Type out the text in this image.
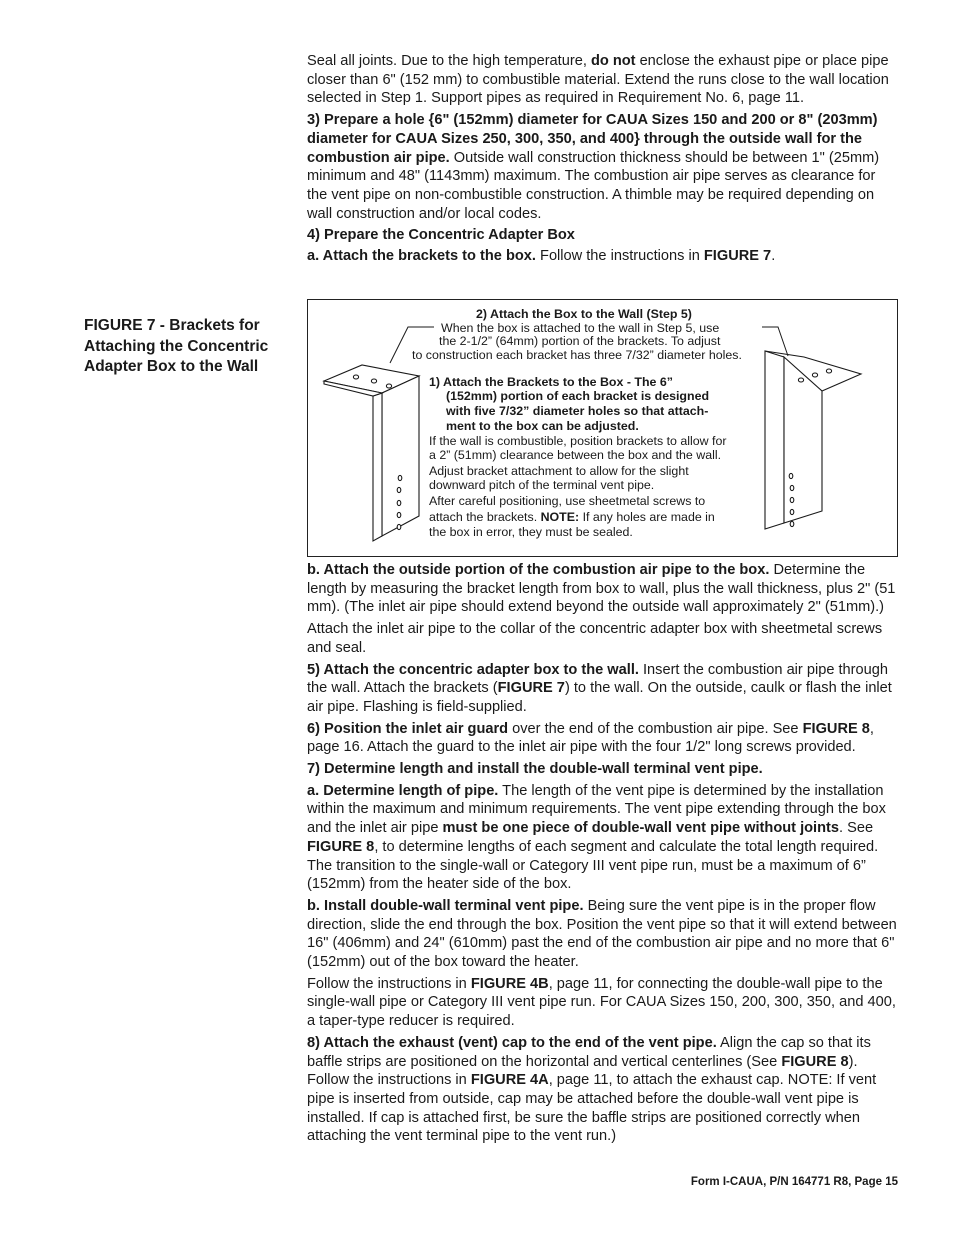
Seal all joints. Due to the high temperature, do not enclose the exhaust pipe or place pipe closer than 6" (152 mm) to combustible material. Extend the runs close to the wall location selected in Step 1. Support pipes as required in Requirement No. 6, page 11.

3) Prepare a hole {6" (152mm) diameter for CAUA Sizes 150 and 200 or 8" (203mm) diameter for CAUA Sizes 250, 300, 350, and 400} through the outside wall for the combustion air pipe. Outside wall construction thickness should be between 1" (25mm) minimum and 48" (1143mm) maximum. The combustion air pipe serves as clearance for the vent pipe on non-combustible construction. A thimble may be required depending on wall construction and/or local codes.

4) Prepare the Concentric Adapter Box

a. Attach the brackets to the box. Follow the instructions in FIGURE 7.

FIGURE 7 - Brackets for Attaching the Concentric Adapter Box to the Wall
2) Attach the Box to the Wall (Step 5)
When the box is attached to the wall in Step 5, use
the 2-1/2” (64mm) portion of the brackets. To adjust
to construction each bracket has three 7/32” diameter holes.
1) Attach the Brackets to the Box - The 6”
(152mm) portion of each bracket is designed
with five 7/32” diameter holes so that attach-
ment to the box can be adjusted.
If the wall is combustible, position brackets to allow for
a 2” (51mm) clearance between the box and the wall.
Adjust bracket attachment to allow for the slight
downward pitch of the terminal vent pipe.
After careful positioning, use sheetmetal screws to
attach the brackets. NOTE: If any holes are made in
the box in error, they must be sealed.

b. Attach the outside portion of the combustion air pipe to the box. Determine the length by measuring the bracket length from box to wall, plus the wall thickness, plus 2" (51 mm). (The inlet air pipe should extend beyond the outside wall approximately 2" (51mm).)

Attach the inlet air pipe to the collar of the concentric adapter box with sheetmetal screws and seal.

5) Attach the concentric adapter box to the wall. Insert the combustion air pipe through the wall. Attach the brackets (FIGURE 7) to the wall. On the outside, caulk or flash the inlet air pipe. Flashing is field-supplied.

6) Position the inlet air guard over the end of the combustion air pipe. See FIGURE 8, page 16. Attach the guard to the inlet air pipe with the four 1/2" long screws provided.

7) Determine length and install the double-wall terminal vent pipe.

a. Determine length of pipe. The length of the vent pipe is determined by the installation within the maximum and minimum requirements. The vent pipe extending through the box and the inlet air pipe must be one piece of double-wall vent pipe without joints. See FIGURE 8, to determine lengths of each segment and calculate the total length required. The transition to the single-wall or Category III vent pipe run, must be a maximum of 6” (152mm) from the heater side of the box.

b. Install double-wall terminal vent pipe. Being sure the vent pipe is in the proper flow direction, slide the end through the box. Position the vent pipe so that it will extend between 16" (406mm) and 24" (610mm) past the end of the combustion air pipe and no more that 6" (152mm) out of the box toward the heater.

Follow the instructions in FIGURE 4B, page 11, for connecting the double-wall pipe to the single-wall pipe or Category III vent pipe run. For CAUA Sizes 150, 200, 300, 350, and 400, a taper-type reducer is required.

8) Attach the exhaust (vent) cap to the end of the vent pipe. Align the cap so that its baffle strips are positioned on the horizontal and vertical centerlines (See FIGURE 8). Follow the instructions in FIGURE 4A, page 11, to attach the exhaust cap. NOTE: If vent pipe is inserted from outside, cap may be attached before the double-wall vent pipe is installed. If cap is attached first, be sure the baffle strips are positioned correctly when attaching the vent terminal pipe to the vent run.)

Form I-CAUA, P/N 164771 R8, Page 15
